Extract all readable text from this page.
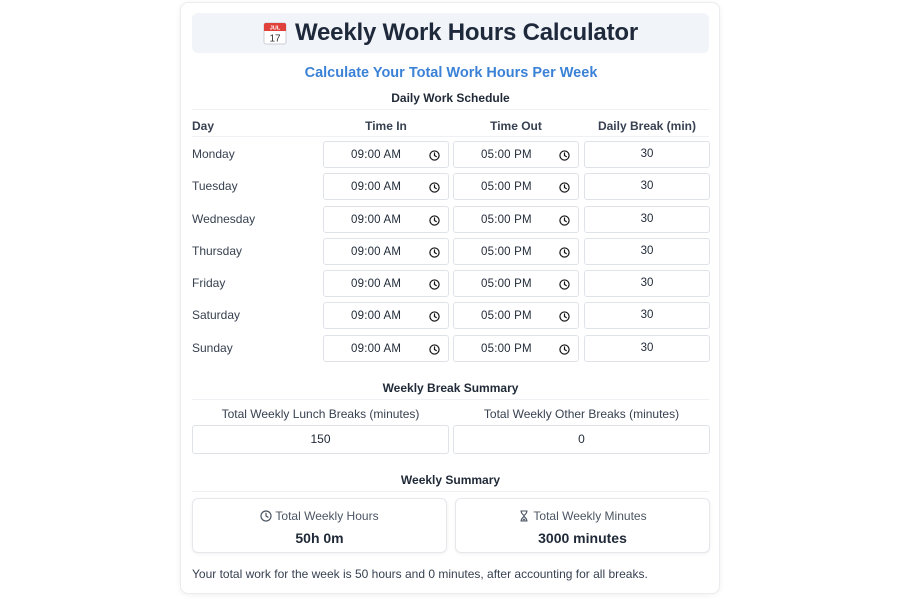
JUL
17 Weekly Work Hours Calculator
Calculate Your Total Work Hours Per Week
Daily Work Schedule
Day	Time In	Time Out	Daily Break (min)
Monday	09:00 AM	05:00 PM	30
Tuesday	09:00 AM	05:00 PM	30
Wednesday	09:00 AM	05:00 PM	30
Thursday	09:00 AM	05:00 PM	30
Friday	09:00 AM	05:00 PM	30
Saturday	09:00 AM	05:00 PM	30
Sunday	09:00 AM	05:00 PM	30
Weekly Break Summary
Total Weekly Lunch Breaks (minutes)	Total Weekly Other Breaks (minutes)
150	0
Weekly Summary
Total Weekly Hours
50h 0m
Total Weekly Minutes
3000 minutes
Your total work for the week is 50 hours and 0 minutes, after accounting for all breaks.
